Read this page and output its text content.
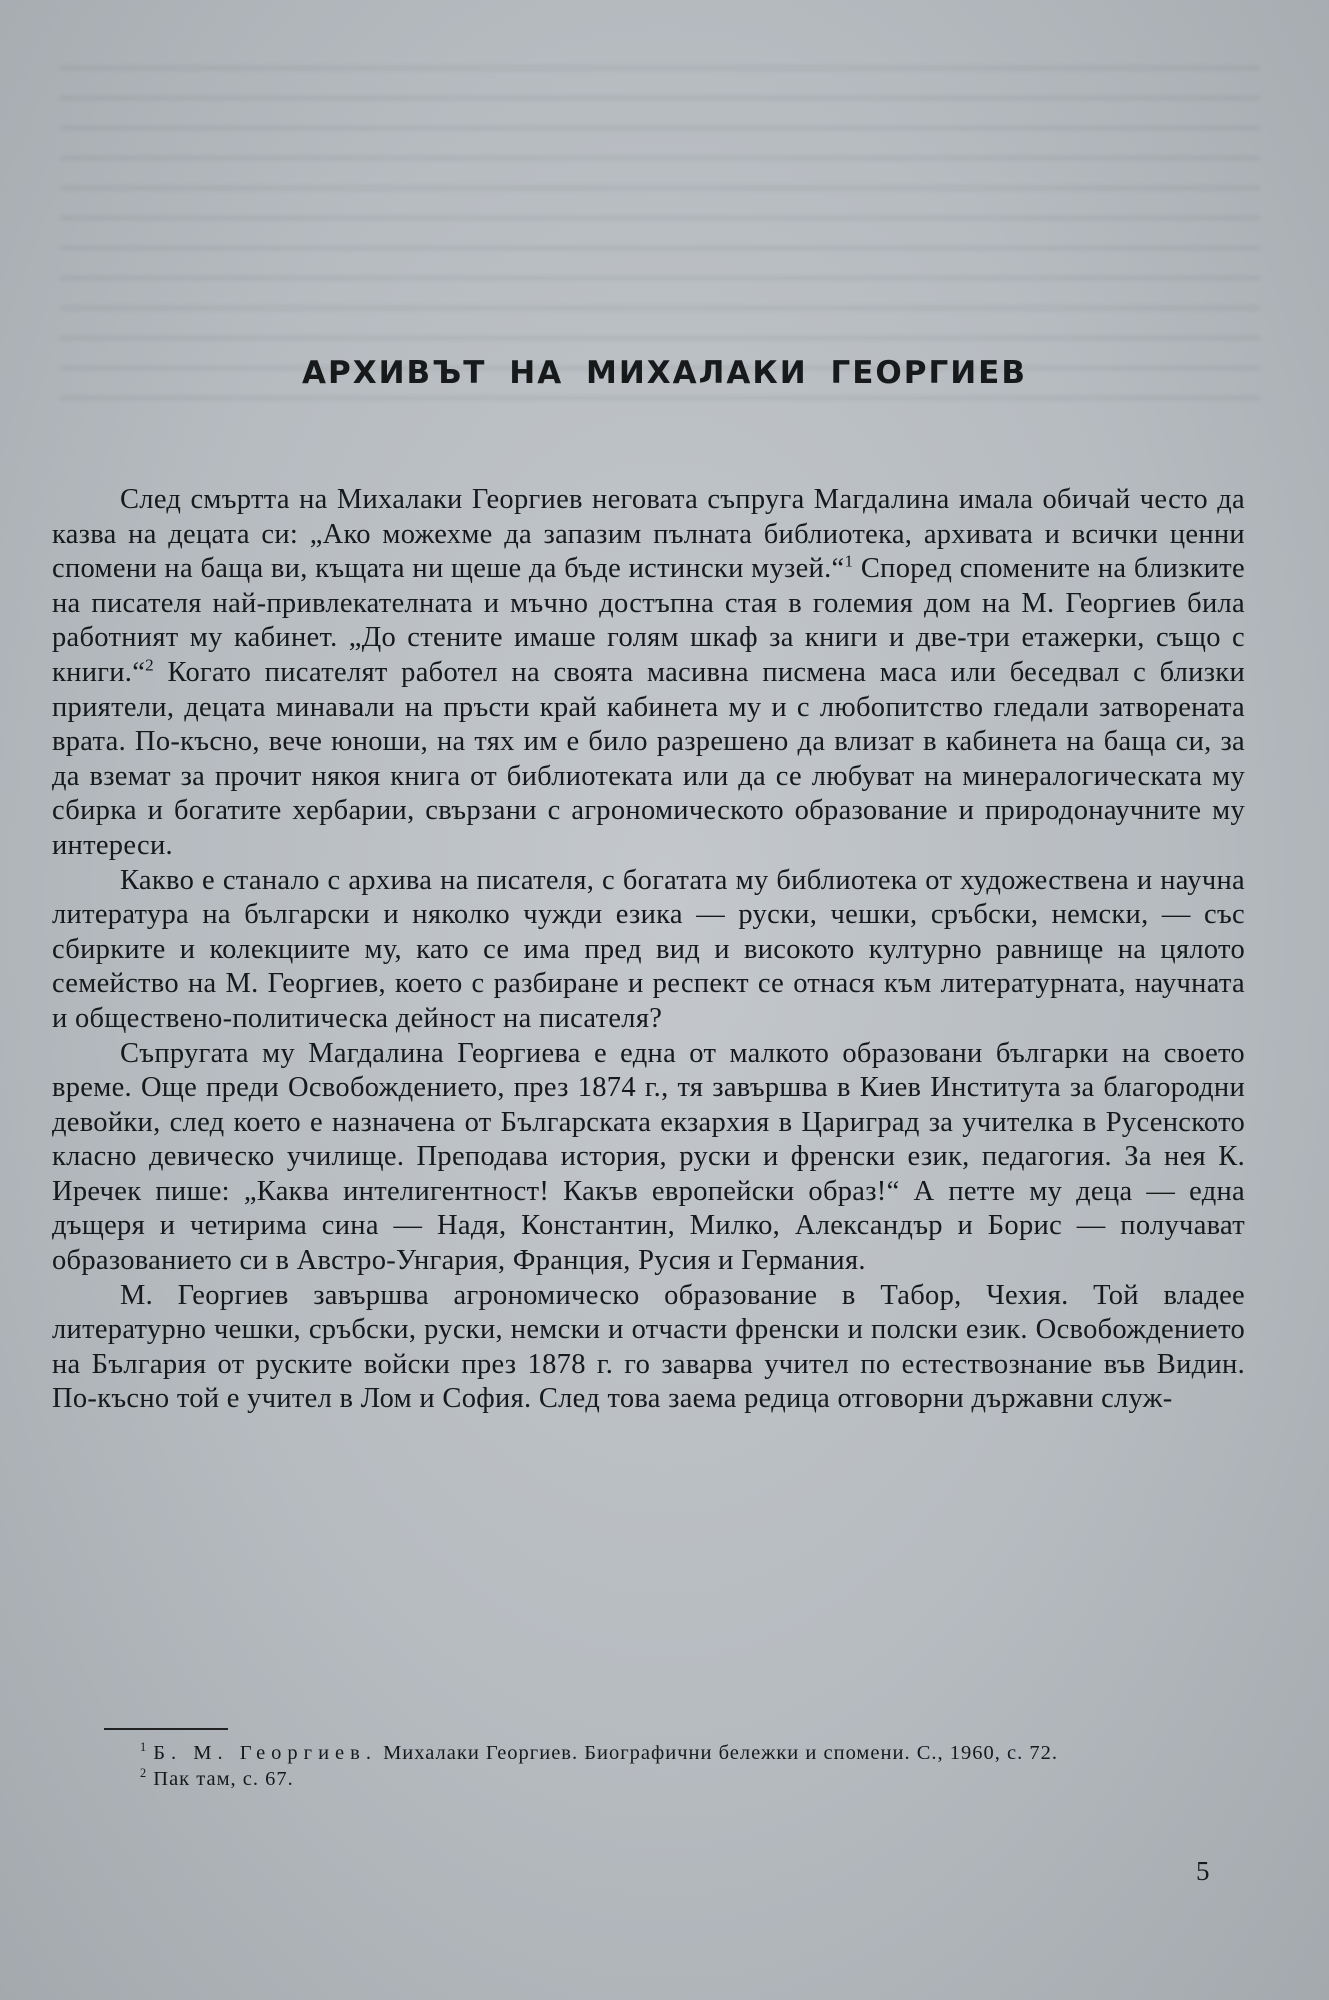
АРХИВЪТ НА МИХАЛАКИ ГЕОРГИЕВ

След смъртта на Михалаки Георгиев неговата съпруга Магдалина имала обичай често да казва на децата си: „Ако можехме да запазим пълната библиотека, архивата и всички ценни спомени на баща ви, къщата ни щеше да бъде истински музей.“$^1$ Според спомените на близките на писателя най-привлекателната и мъчно достъпна стая в големия дом на М. Георгиев била работният му кабинет. „До стените имаше голям шкаф за книги и две-три етажерки, също с книги.“$^2$ Когато писателят работел на своята масивна писмена маса или беседвал с близки приятели, децата минавали на пръсти край кабинета му и с любопитство гледали затворената врата. По-късно, вече юноши, на тях им е било разрешено да влизат в кабинета на баща си, за да вземат за прочит някоя книга от библиотеката или да се любуват на минералогическата му сбирка и богатите хербарии, свързани с агрономическото образование и природонаучните му интереси.

Какво е станало с архива на писателя, с богатата му библиотека от художествена и научна литература на български и няколко чужди езика — руски, чешки, сръбски, немски, — със сбирките и колекциите му, като се има пред вид и високото културно равнище на цялото семейство на М. Георгиев, което с разбиране и респект се отнася към литературната, научната и обществено-политическа дейност на писателя?

Съпругата му Магдалина Георгиева е една от малкото образовани българки на своето време. Още преди Освобождението, през 1874 г., тя завършва в Киев Института за благородни девойки, след което е назначена от Българската екзархия в Цариград за учителка в Русенското класно девическо училище. Преподава история, руски и френски език, педагогия. За нея К. Иречек пише: „Каква интелигентност! Какъв европейски образ!“ А петте му деца — една дъщеря и четирима сина — Надя, Константин, Милко, Александър и Борис — получават образованието си в Австро-Унгария, Франция, Русия и Германия.

М. Георгиев завършва агрономическо образование в Табор, Чехия. Той владее литературно чешки, сръбски, руски, немски и отчасти френски и полски език. Освобождението на България от руските войски през 1878 г. го заварва учител по естествознание във Видин. По-късно той е учител в Лом и София. След това заема редица отговорни държавни служ-

$^1$ Б. М. Георгиев. Михалаки Георгиев. Биографични бележки и спомени. С., 1960, с. 72.

$^2$ Пак там, с. 67.

5
